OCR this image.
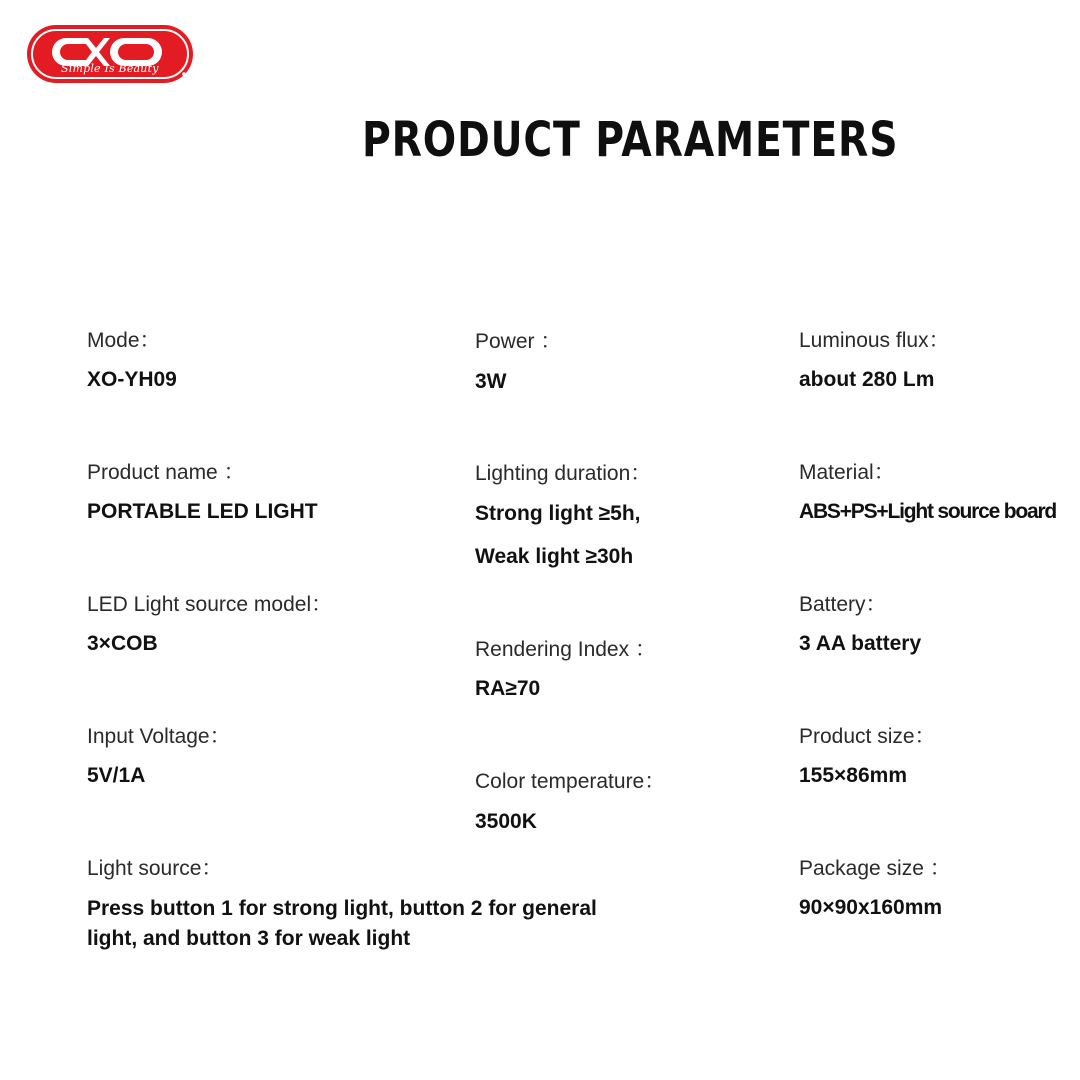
Simple Is Beauty
PRODUCT PARAMETERS
Mode：
XO-YH09
Product name ：
PORTABLE LED LIGHT
LED Light source model：
3×COB
Input Voltage：
5V/1A
Light source：
Press button 1 for strong light, button 2 for general light, and button 3 for weak light
Power ：
3W
Lighting duration：
Strong light ≥5h,
Weak light ≥30h
Rendering Index ：
RA≥70
Color temperature：
3500K
Luminous flux：
about 280 Lm
Material：
ABS+PS+Light source board
Battery：
3 AA battery
Product size：
155×86mm
Package size ：
90×90x160mm
